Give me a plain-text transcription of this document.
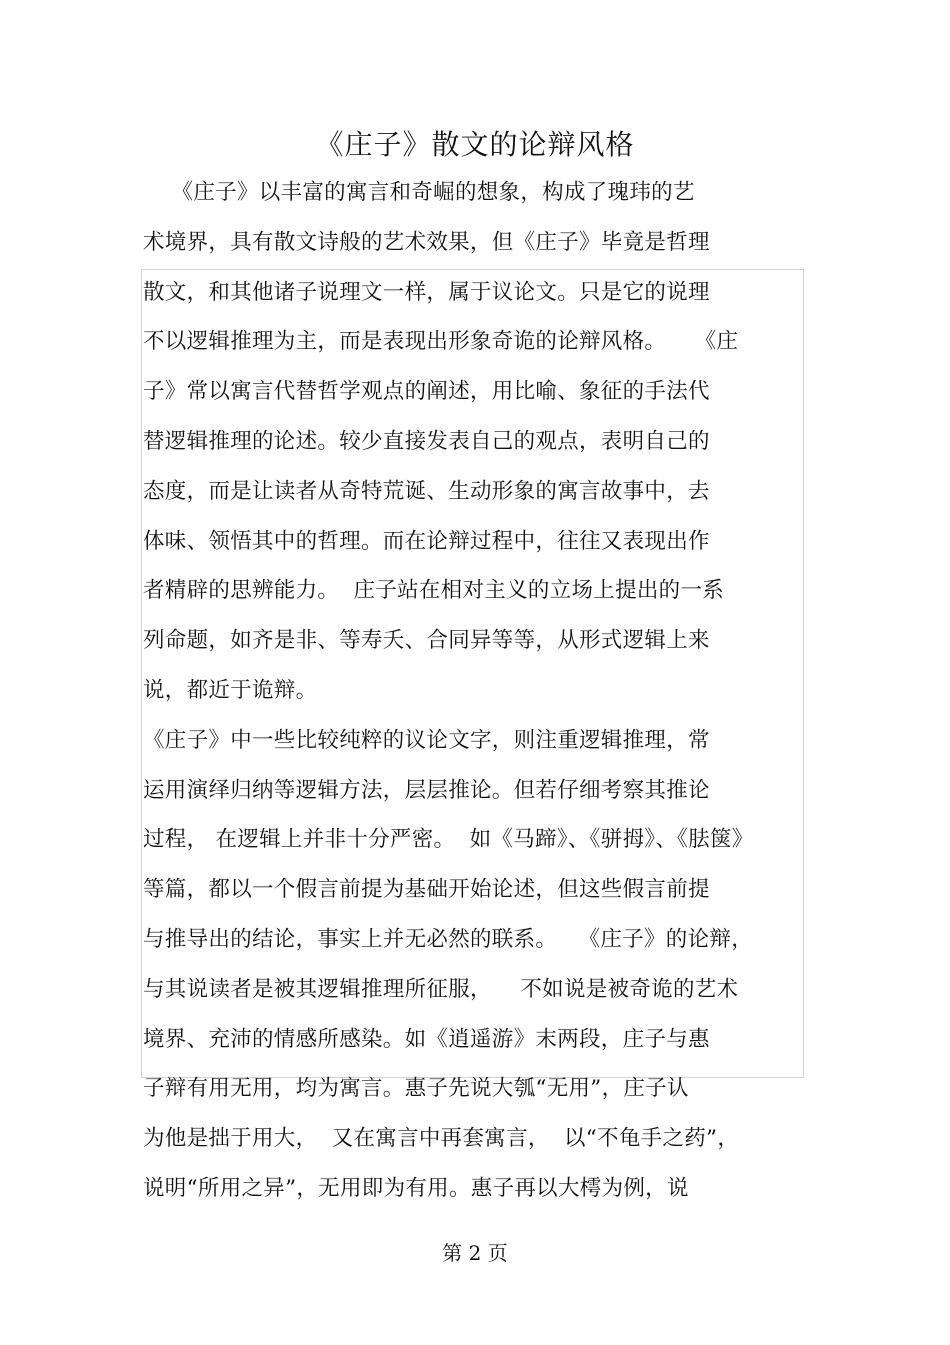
《庄子》散文的论辩风格
《庄子》以丰富的寓言和奇崛的想象，构成了瑰玮的艺
术境界，具有散文诗般的艺术效果，但《庄子》毕竟是哲理
散文，和其他诸子说理文一样，属于议论文。只是它的说理
不以逻辑推理为主，而是表现出形象奇诡的论辩风格。    《庄
子》常以寓言代替哲学观点的阐述，用比喻、象征的手法代
替逻辑推理的论述。较少直接发表自己的观点，表明自己的
态度，而是让读者从奇特荒诞、生动形象的寓言故事中，去
体味、领悟其中的哲理。而在论辩过程中，往往又表现出作
者精辟的思辨能力。  庄子站在相对主义的立场上提出的一系
列命题，如齐是非、等寿夭、合同异等等，从形式逻辑上来
说，都近于诡辩。
《庄子》中一些比较纯粹的议论文字，则注重逻辑推理，常
运用演绎归纳等逻辑方法，层层推论。但若仔细考察其推论
过程， 在逻辑上并非十分严密。  如《马蹄》、《骈拇》、《胠箧》
等篇，都以一个假言前提为基础开始论述，但这些假言前提
与推导出的结论，事实上并无必然的联系。   《庄子》的论辩，
与其说读者是被其逻辑推理所征服，    不如说是被奇诡的艺术
境界、充沛的情感所感染。如《逍遥游》末两段，庄子与惠
子辩有用无用，均为寓言。惠子先说大瓠“无用”，庄子认
为他是拙于用大，  又在寓言中再套寓言，  以“不龟手之药”，
说明“所用之异”，无用即为有用。惠子再以大樗为例，说
第 2 页
